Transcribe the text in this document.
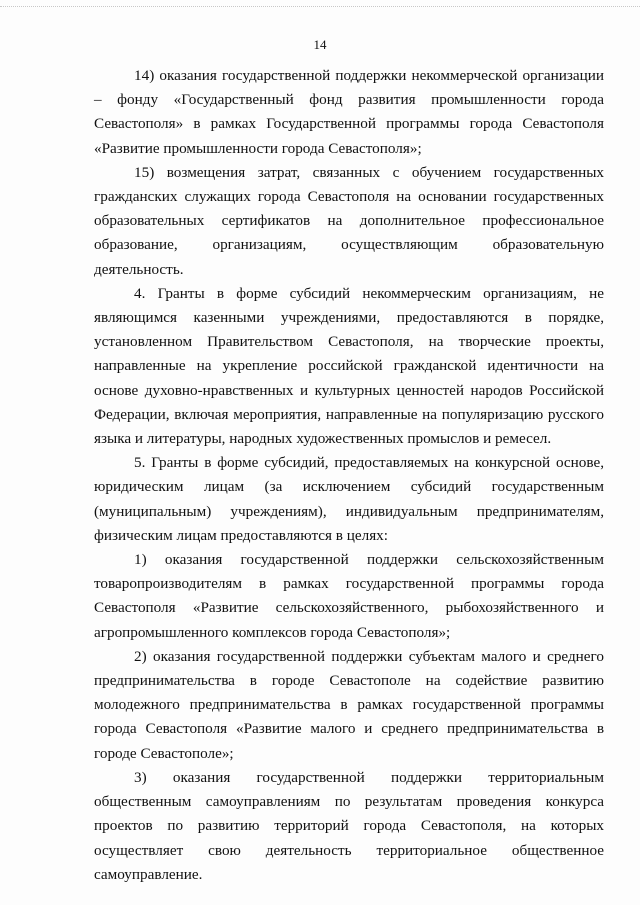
14

14) оказания государственной поддержки некоммерческой организации – фонду «Государственный фонд развития промышленности города Севастополя» в рамках Государственной программы города Севастополя «Развитие промышленности города Севастополя»;

15) возмещения затрат, связанных с обучением государственных гражданских служащих города Севастополя на основании государственных образовательных сертификатов на дополнительное профессиональное образование, организациям, осуществляющим образовательную деятельность.

4. Гранты в форме субсидий некоммерческим организациям, не являющимся казенными учреждениями, предоставляются в порядке, установленном Правительством Севастополя, на творческие проекты, направленные на укрепление российской гражданской идентичности на основе духовно-нравственных и культурных ценностей народов Российской Федерации, включая мероприятия, направленные на популяризацию русского языка и литературы, народных художественных промыслов и ремесел.

5. Гранты в форме субсидий, предоставляемых на конкурсной основе, юридическим лицам (за исключением субсидий государственным (муниципальным) учреждениям), индивидуальным предпринимателям, физическим лицам предоставляются в целях:

1) оказания государственной поддержки сельскохозяйственным товаропроизводителям в рамках государственной программы города Севастополя «Развитие сельскохозяйственного, рыбохозяйственного и агропромышленного комплексов города Севастополя»;

2) оказания государственной поддержки субъектам малого и среднего предпринимательства в городе Севастополе на содействие развитию молодежного предпринимательства в рамках государственной программы города Севастополя «Развитие малого и среднего предпринимательства в городе Севастополе»;

3) оказания государственной поддержки территориальным общественным самоуправлениям по результатам проведения конкурса проектов по развитию территорий города Севастополя, на которых осуществляет свою деятельность территориальное общественное самоуправление.
